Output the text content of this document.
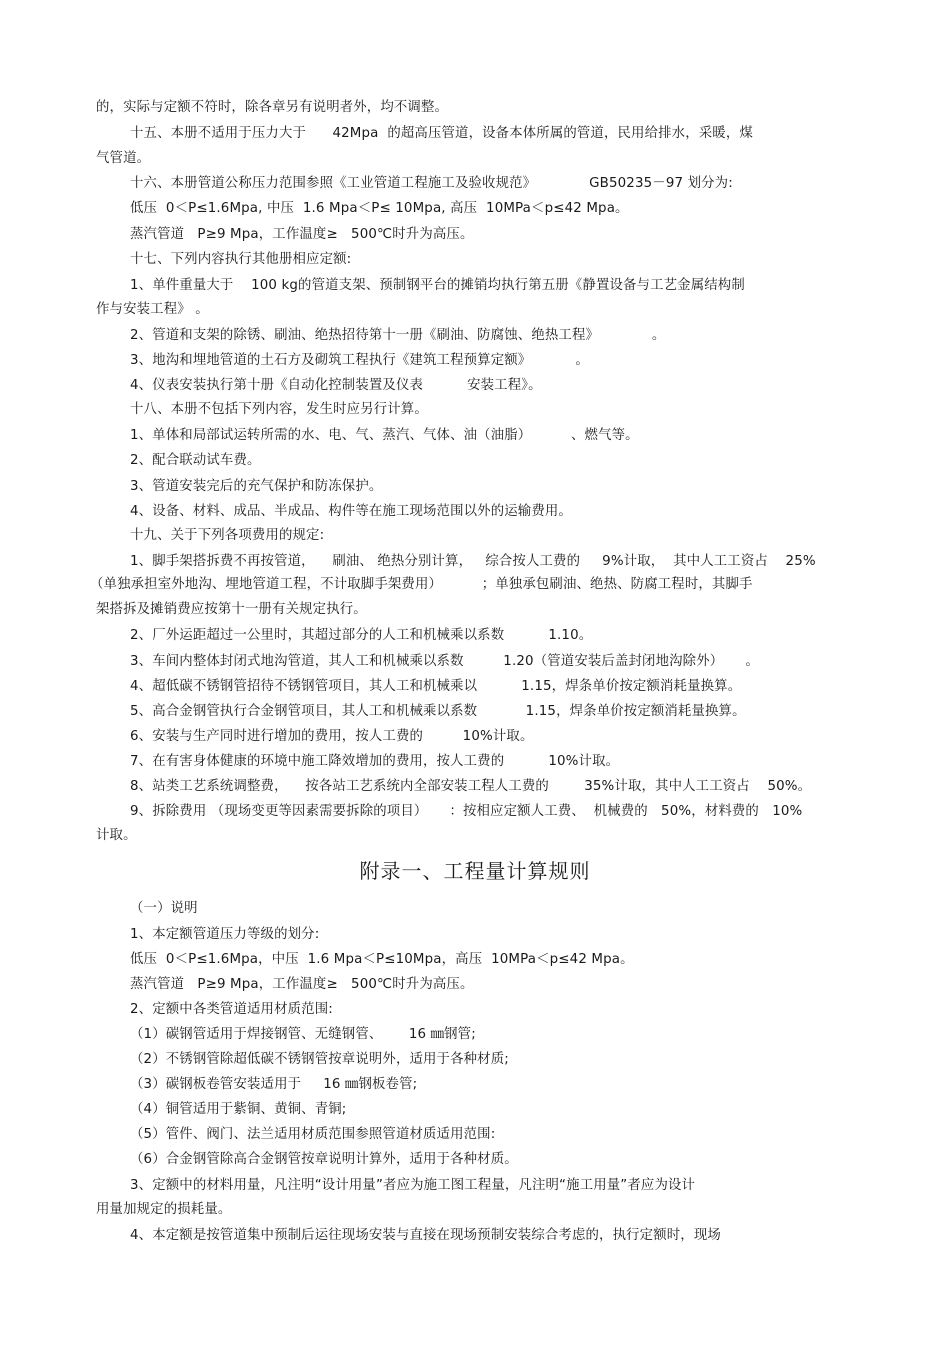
的，实际与定额不符时，除各章另有说明者外，均不调整。
十五、本册不适用于压力大于      42Mpa  的超高压管道，设备本体所属的管道，民用给排水，采暖，煤
气管道。
十六、本册管道公称压力范围参照《工业管道工程施工及验收规范》            GB50235－97 划分为:
低压  0＜P≤1.6Mpa, 中压  1.6 Mpa＜P≤ 10Mpa, 高压  10MPa＜p≤42 Mpa。
蒸汽管道   P≥9 Mpa，工作温度≥   500℃时升为高压。
十七、下列内容执行其他册相应定额:
1、单件重量大于    100 kg的管道支架、预制钢平台的摊销均执行第五册《静置设备与工艺金属结构制
作与安装工程》 。
2、管道和支架的除锈、刷油、绝热招待第十一册《刷油、防腐蚀、绝热工程》            。
3、地沟和埋地管道的土石方及砌筑工程执行《建筑工程预算定额》          。
4、仪表安装执行第十册《自动化控制装置及仪表          安装工程》。
十八、本册不包括下列内容，发生时应另行计算。
1、单体和局部试运转所需的水、电、气、蒸汽、气体、油（油脂）         、燃气等。
2、配合联动试车费。
3、管道安装完后的充气保护和防冻保护。
4、设备、材料、成品、半成品、构件等在施工现场范围以外的运输费用。
十九、关于下列各项费用的规定:
1、脚手架搭拆费不再按管道，    刷油、 绝热分别计算，   综合按人工费的     9%计取，  其中人工工资占    25%
（单独承担室外地沟、埋地管道工程，不计取脚手架费用）         ；单独承包刷油、绝热、防腐工程时，其脚手
架搭拆及摊销费应按第十一册有关规定执行。
2、厂外运距超过一公里时，其超过部分的人工和机械乘以系数          1.10。
3、车间内整体封闭式地沟管道，其人工和机械乘以系数         1.20（管道安装后盖封闭地沟除外）     。
4、超低碳不锈钢管招待不锈钢管项目，其人工和机械乘以          1.15，焊条单价按定额消耗量换算。
5、高合金钢管执行合金钢管项目，其人工和机械乘以系数           1.15，焊条单价按定额消耗量换算。
6、安装与生产同时进行增加的费用，按人工费的         10%计取。
7、在有害身体健康的环境中施工降效增加的费用，按人工费的          10%计取。
8、站类工艺系统调整费，    按各站工艺系统内全部安装工程人工费的        35%计取，其中人工工资占    50%。
9、拆除费用 （现场变更等因素需要拆除的项目）     ：按相应定额人工费、  机械费的   50%，材料费的   10%
计取。
附录一、工程量计算规则
（一）说明
1、本定额管道压力等级的划分:
低压  0＜P≤1.6Mpa，中压  1.6 Mpa＜P≤10Mpa，高压  10MPa＜p≤42 Mpa。
蒸汽管道   P≥9 Mpa，工作温度≥   500℃时升为高压。
2、定额中各类管道适用材质范围:
（1）碳钢管适用于焊接钢管、无缝钢管、      16 ㎜钢管;
（2）不锈钢管除超低碳不锈钢管按章说明外，适用于各种材质;
（3）碳钢板卷管安装适用于     16 ㎜钢板卷管;
（4）铜管适用于紫铜、黄铜、青铜;
（5）管件、阀门、法兰适用材质范围参照管道材质适用范围:
（6）合金钢管除高合金钢管按章说明计算外，适用于各种材质。
3、定额中的材料用量，凡注明“设计用量”者应为施工图工程量，凡注明“施工用量”者应为设计
用量加规定的损耗量。
4、本定额是按管道集中预制后运往现场安装与直接在现场预制安装综合考虑的，执行定额时，现场
